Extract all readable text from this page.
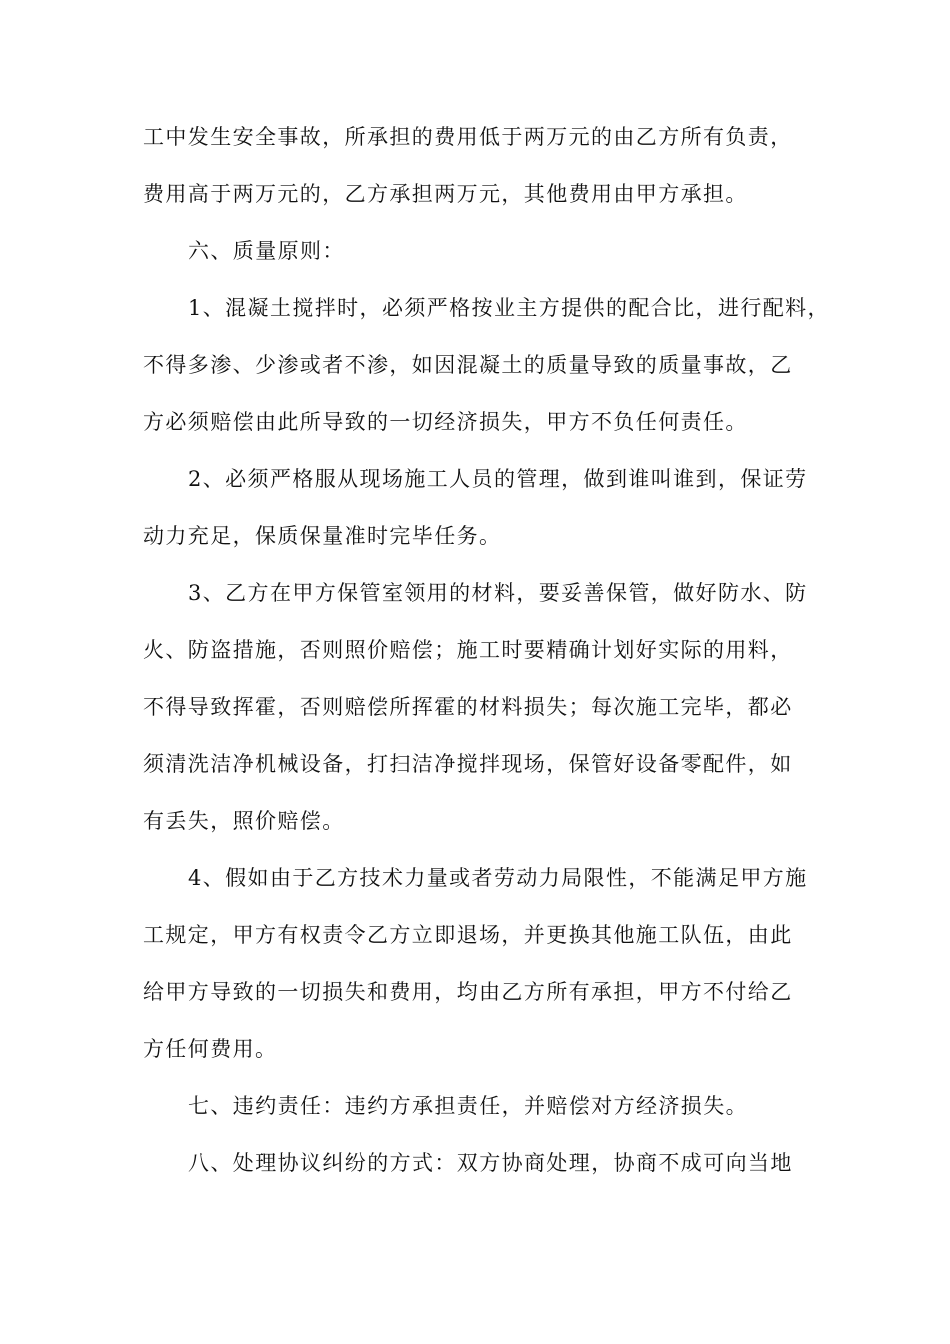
工中发生安全事故，所承担的费用低于两万元的由乙方所有负责，
费用高于两万元的，乙方承担两万元，其他费用由甲方承担。
六、质量原则：
1、混凝土搅拌时，必须严格按业主方提供的配合比，进行配料，
不得多渗、少渗或者不渗，如因混凝土的质量导致的质量事故，乙
方必须赔偿由此所导致的一切经济损失，甲方不负任何责任。
2、必须严格服从现场施工人员的管理，做到谁叫谁到，保证劳
动力充足，保质保量准时完毕任务。
3、乙方在甲方保管室领用的材料，要妥善保管，做好防水、防
火、防盗措施，否则照价赔偿；施工时要精确计划好实际的用料，
不得导致挥霍，否则赔偿所挥霍的材料损失；每次施工完毕，都必
须清洗洁净机械设备，打扫洁净搅拌现场，保管好设备零配件，如
有丢失，照价赔偿。
4、假如由于乙方技术力量或者劳动力局限性，不能满足甲方施
工规定，甲方有权责令乙方立即退场，并更换其他施工队伍，由此
给甲方导致的一切损失和费用，均由乙方所有承担，甲方不付给乙
方任何费用。
七、违约责任：违约方承担责任，并赔偿对方经济损失。
八、处理协议纠纷的方式：双方协商处理，协商不成可向当地
